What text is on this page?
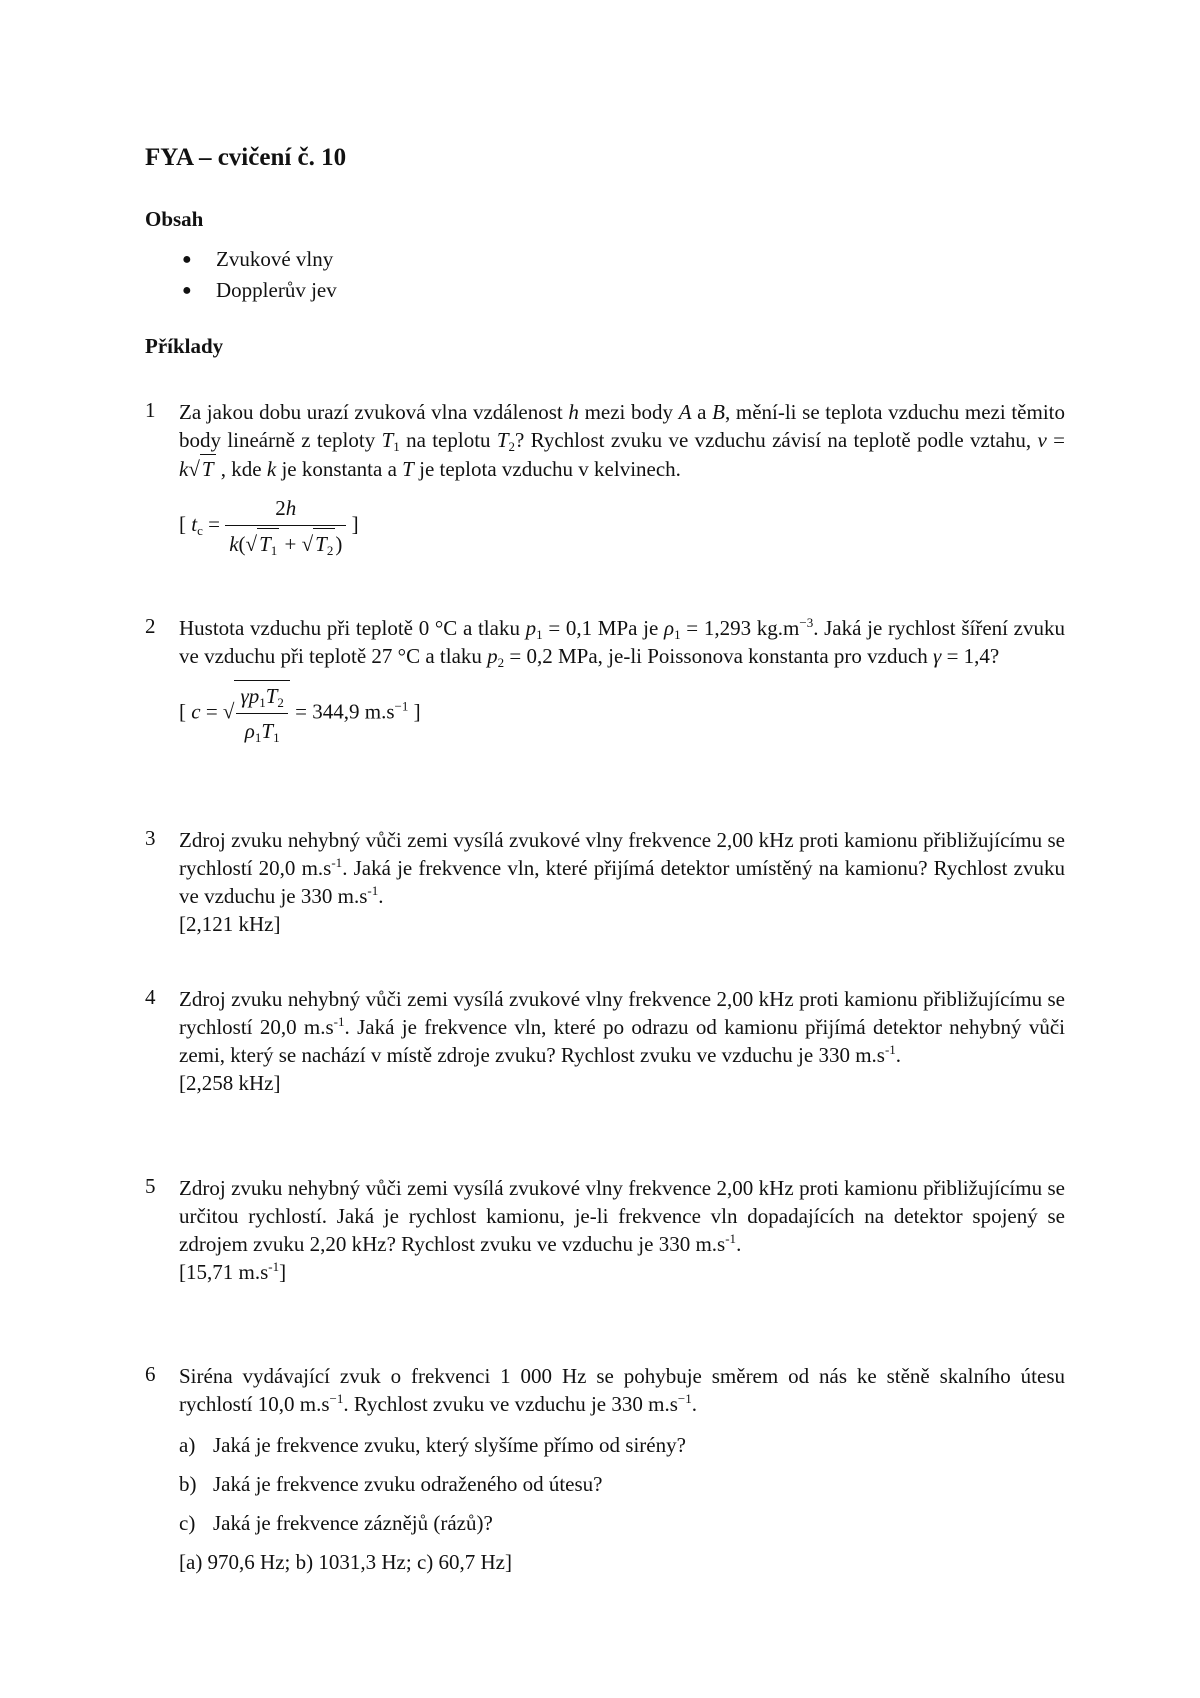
FYA – cvičení č. 10
Obsah
● Zvukové vlny
● Dopplerův jev
Příklady
1 Za jakou dobu urazí zvuková vlna vzdálenost h mezi body A a B, mění-li se teplota vzduchu mezi těmito body lineárně z teploty $T_1$ na teplotu $T_2$? Rychlost zvuku ve vzduchu závisí na teplotě podle vztahu, v = k√T , kde k je konstanta a T je teplota vzduchu v kelvinech.

[ $t_c = \frac{2h}{k(√T_1 + √T_2)}$ ]
2 Hustota vzduchu při teplotě 0 °C a tlaku $p_1 = 0,1$ MPa je $\rho_1 = 1,293$ $kg.m^{-3}$. Jaká je rychlost šíření zvuku ve vzduchu při teplotě 27 °C a tlaku $p_2 = 0,2$ MPa, je-li Poissonova konstanta pro vzduch γ = 1,4?

[ c = √ $\frac{\gamma p_1T_2}{\rho_1T_1} = 344,9$ $m.s^{-1}$ ]
3 Zdroj zvuku nehybný vůči zemi vysílá zvukové vlny frekvence 2,00 kHz proti kamionu přibližujícímu se rychlostí 20,0 $m.s^{-1}$. Jaká je frekvence vln, které přijímá detektor umístěný na kamionu? Rychlost zvuku ve vzduchu je 330 $m.s^{-1}$.

[2,121 kHz]

4 Zdroj zvuku nehybný vůči zemi vysílá zvukové vlny frekvence 2,00 kHz proti kamionu přibližujícímu se rychlostí 20,0 $m.s^{-1}$. Jaká je frekvence vln, které po odrazu od kamionu přijímá detektor nehybný vůči zemi, který se nachází v místě zdroje zvuku? Rychlost zvuku ve vzduchu je 330 $m.s^{-1}$.

[2,258 kHz]

5 Zdroj zvuku nehybný vůči zemi vysílá zvukové vlny frekvence 2,00 kHz proti kamionu přibližujícímu se určitou rychlostí. Jaká je rychlost kamionu, je-li frekvence vln dopadajících na detektor spojený se zdrojem zvuku 2,20 kHz? Rychlost zvuku ve vzduchu je 330 $m.s^{-1}$.

[15,71 $m.s^{-1}$]

6 Siréna vydávající zvuk o frekvenci 1 000 Hz se pohybuje směrem od nás ke stěně skalního útesu rychlostí 10,0 $m.s^{-1}$. Rychlost zvuku ve vzduchu je 330 $m.s^{-1}$.

a) Jaká je frekvence zvuku, který slyšíme přímo od sirény?
b) Jaká je frekvence zvuku odraženého od útesu?
c) Jaká je frekvence záznějů (rázů)?
[a) 970,6 Hz; b) 1031,3 Hz; c) 60,7 Hz]
